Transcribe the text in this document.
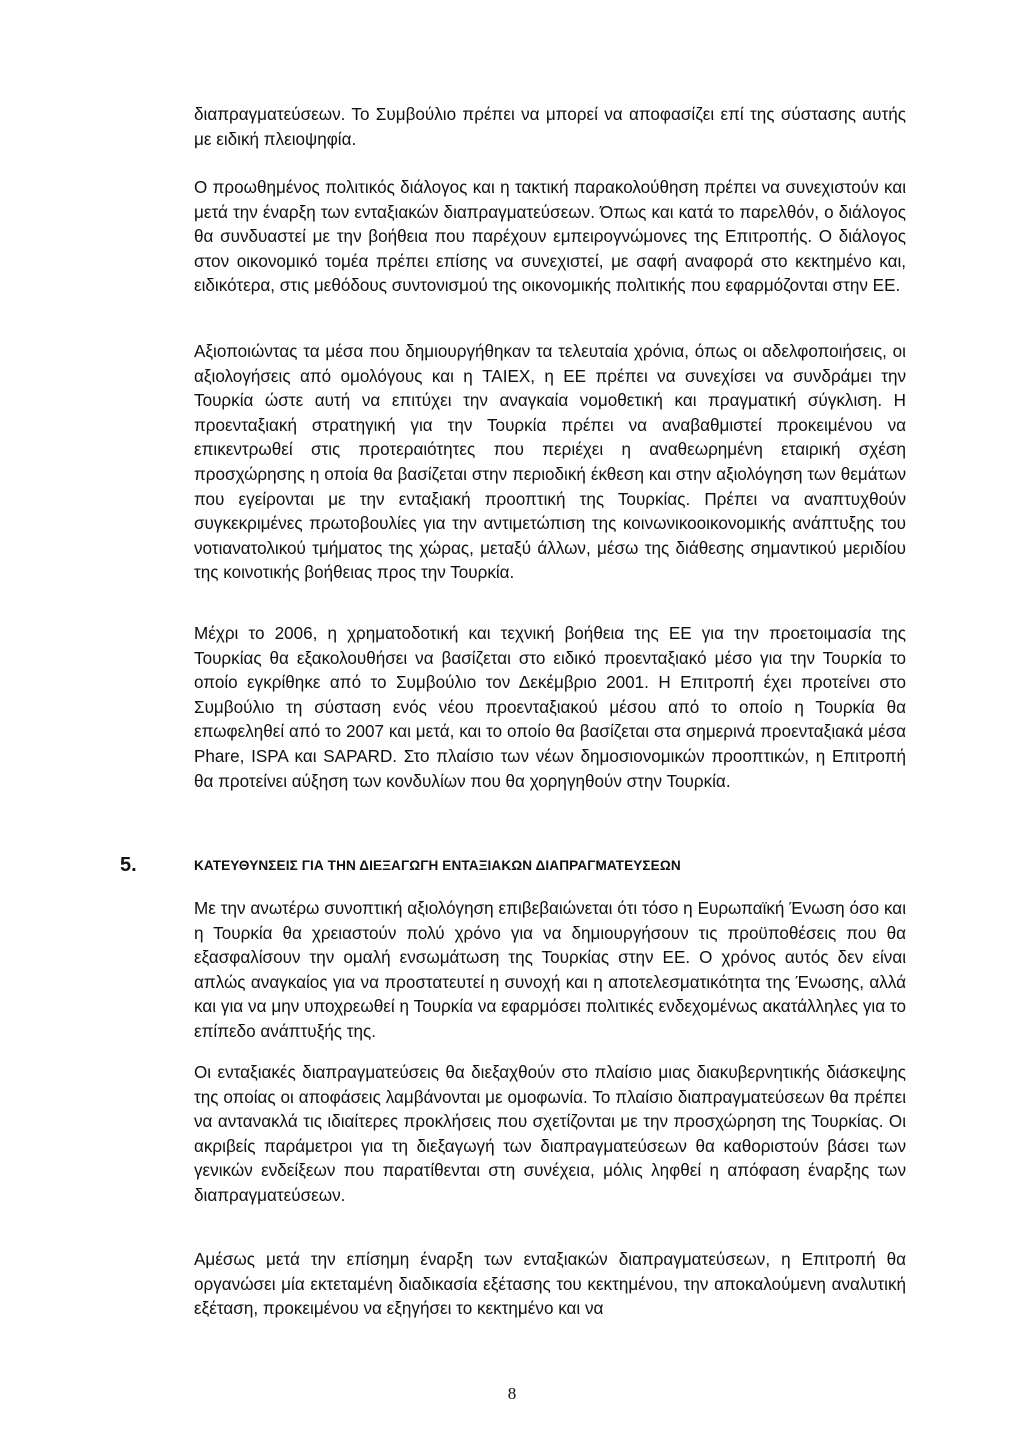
διαπραγματεύσεων. Το Συμβούλιο πρέπει να μπορεί να αποφασίζει επί της σύστασης αυτής με ειδική πλειοψηφία.

Ο προωθημένος πολιτικός διάλογος και η τακτική παρακολούθηση πρέπει να συνεχιστούν και μετά την έναρξη των ενταξιακών διαπραγματεύσεων. Όπως και κατά το παρελθόν, ο διάλογος θα συνδυαστεί με την βοήθεια που παρέχουν εμπειρογνώμονες της Επιτροπής. Ο διάλογος στον οικονομικό τομέα πρέπει επίσης να συνεχιστεί, με σαφή αναφορά στο κεκτημένο και, ειδικότερα, στις μεθόδους συντονισμού της οικονομικής πολιτικής που εφαρμόζονται στην ΕΕ.

Αξιοποιώντας τα μέσα που δημιουργήθηκαν τα τελευταία χρόνια, όπως οι αδελφοποιήσεις, οι αξιολογήσεις από ομολόγους και η TAIEX, η ΕΕ πρέπει να συνεχίσει να συνδράμει την Τουρκία ώστε αυτή να επιτύχει την αναγκαία νομοθετική και πραγματική σύγκλιση. Η προενταξιακή στρατηγική για την Τουρκία πρέπει να αναβαθμιστεί προκειμένου να επικεντρωθεί στις προτεραιότητες που περιέχει η αναθεωρημένη εταιρική σχέση προσχώρησης η οποία θα βασίζεται στην περιοδική έκθεση και στην αξιολόγηση των θεμάτων που εγείρονται με την ενταξιακή προοπτική της Τουρκίας. Πρέπει να αναπτυχθούν συγκεκριμένες πρωτοβουλίες για την αντιμετώπιση της κοινωνικοοικονομικής ανάπτυξης του νοτιανατολικού τμήματος της χώρας, μεταξύ άλλων, μέσω της διάθεσης σημαντικού μεριδίου της κοινοτικής βοήθειας προς την Τουρκία.

Μέχρι το 2006, η χρηματοδοτική και τεχνική βοήθεια της ΕΕ για την προετοιμασία της Τουρκίας θα εξακολουθήσει να βασίζεται στο ειδικό προενταξιακό μέσο για την Τουρκία το οποίο εγκρίθηκε από το Συμβούλιο τον Δεκέμβριο 2001. Η Επιτροπή έχει προτείνει στο Συμβούλιο τη σύσταση ενός νέου προενταξιακού μέσου από το οποίο η Τουρκία θα επωφεληθεί από το 2007 και μετά, και το οποίο θα βασίζεται στα σημερινά προενταξιακά μέσα Phare, ISPA και SAPARD. Στο πλαίσιο των νέων δημοσιονομικών προοπτικών, η Επιτροπή θα προτείνει αύξηση των κονδυλίων που θα χορηγηθούν στην Τουρκία.

5.	ΚΑΤΕΥΘΥΝΣΕΙΣ ΓΙΑ ΤΗΝ ΔΙΕΞΑΓΩΓΗ ΕΝΤΑΞΙΑΚΩΝ ΔΙΑΠΡΑΓΜΑΤΕΥΣΕΩΝ

Με την ανωτέρω συνοπτική αξιολόγηση επιβεβαιώνεται ότι τόσο η Ευρωπαϊκή Ένωση όσο και η Τουρκία θα χρειαστούν πολύ χρόνο για να δημιουργήσουν τις προϋποθέσεις που θα εξασφαλίσουν την ομαλή ενσωμάτωση της Τουρκίας στην ΕΕ. Ο χρόνος αυτός δεν είναι απλώς αναγκαίος για να προστατευτεί η συνοχή και η αποτελεσματικότητα της Ένωσης, αλλά και για να μην υποχρεωθεί η Τουρκία να εφαρμόσει πολιτικές ενδεχομένως ακατάλληλες για το επίπεδο ανάπτυξής της.

Οι ενταξιακές διαπραγματεύσεις θα διεξαχθούν στο πλαίσιο μιας διακυβερνητικής διάσκεψης της οποίας οι αποφάσεις λαμβάνονται με ομοφωνία. Το πλαίσιο διαπραγματεύσεων θα πρέπει να αντανακλά τις ιδιαίτερες προκλήσεις που σχετίζονται με την προσχώρηση της Τουρκίας. Οι ακριβείς παράμετροι για τη διεξαγωγή των διαπραγματεύσεων θα καθοριστούν βάσει των γενικών ενδείξεων που παρατίθενται στη συνέχεια, μόλις ληφθεί η απόφαση έναρξης των διαπραγματεύσεων.

Αμέσως μετά την επίσημη έναρξη των ενταξιακών διαπραγματεύσεων, η Επιτροπή θα οργανώσει μία εκτεταμένη διαδικασία εξέτασης του κεκτημένου, την αποκαλούμενη αναλυτική εξέταση, προκειμένου να εξηγήσει το κεκτημένο και να

8
